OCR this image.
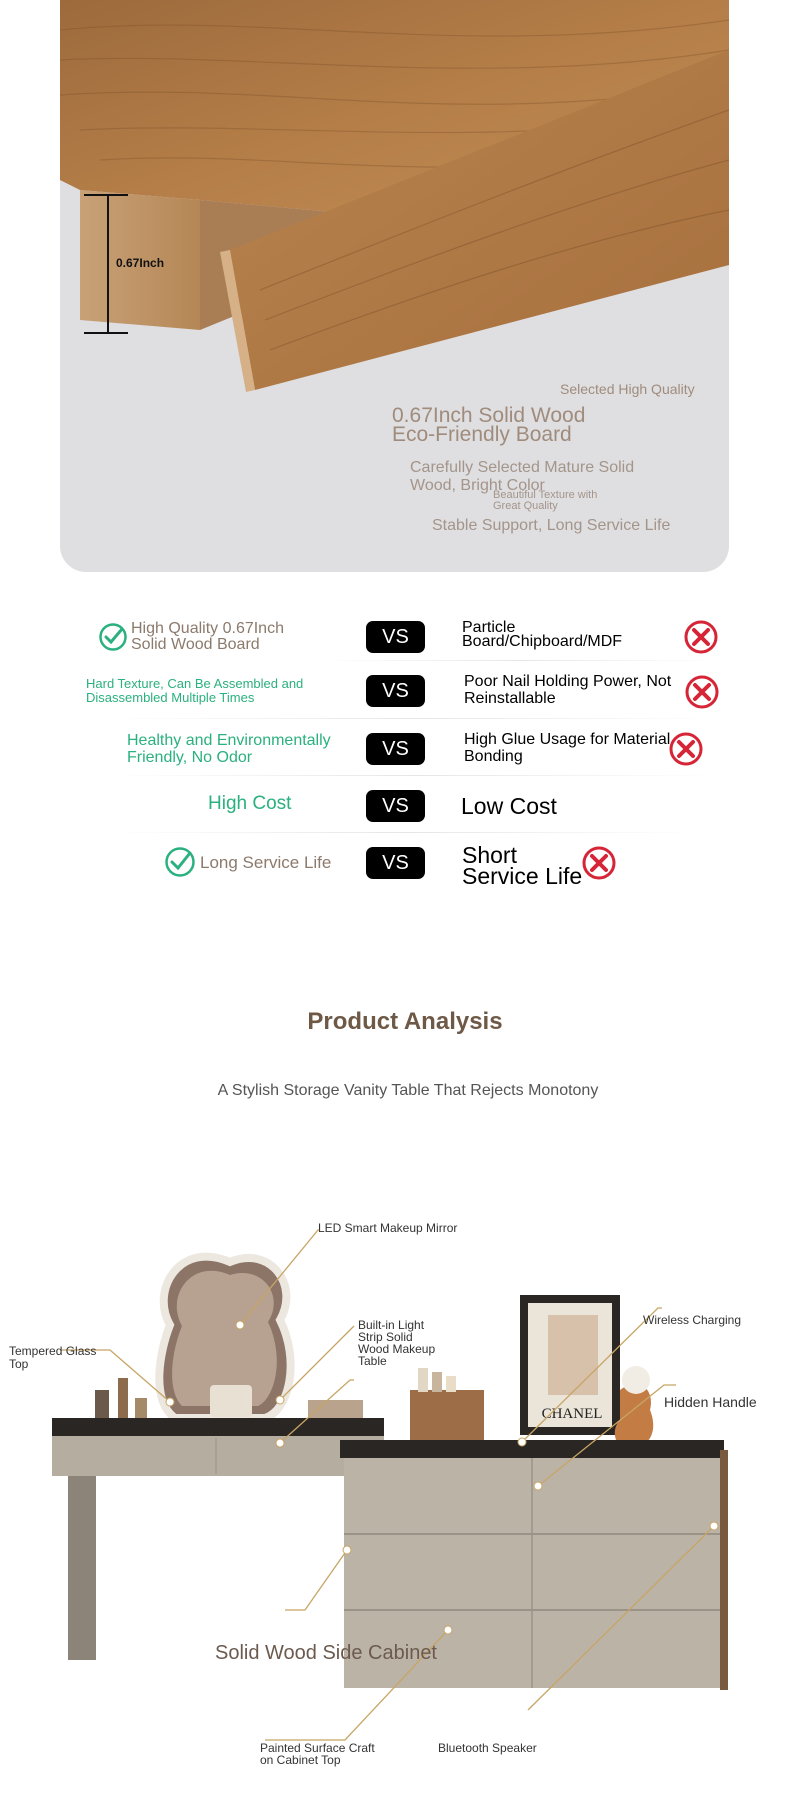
0.67Inch
Selected High Quality
0.67Inch Solid Wood
Eco-Friendly Board
Carefully Selected Mature Solid
Wood, Bright Color
Beautiful Texture with
Great Quality
Stable Support, Long Service Life
High Quality 0.67Inch
Solid Wood Board	VS	Particle
Board/Chipboard/MDF
Hard Texture, Can Be Assembled and
Disassembled Multiple Times	VS	Poor Nail Holding Power, Not
Reinstallable
Healthy and Environmentally
Friendly, No Odor	VS	High Glue Usage for Material
Bonding
High Cost	VS	Low Cost
Long Service Life	VS	Short
Service Life
Product Analysis
A Stylish Storage Vanity Table That Rejects Monotony
CHANEL
LED Smart Makeup Mirror
Tempered Glass
Top
Built-in Light
Strip Solid
Wood Makeup
Table
Wireless Charging
Hidden Handle
Solid Wood Side Cabinet
Painted Surface Craft
on Cabinet Top
Bluetooth Speaker
